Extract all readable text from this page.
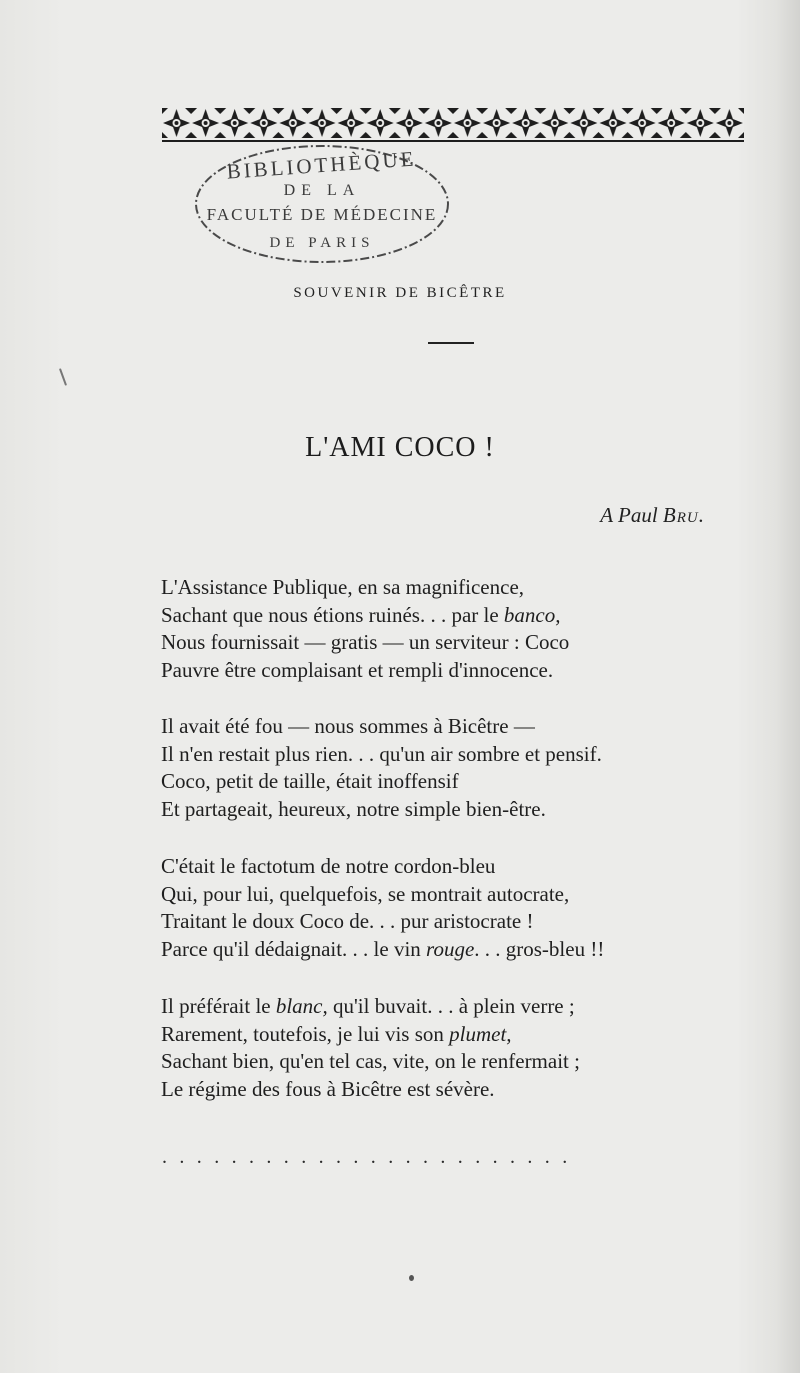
BIBLIOTHÈQUE
DE LA
FACULTÉ DE MÉDECINE
DE PARIS
SOUVENIR DE BICÊTRE
L'AMI COCO !
A Paul Bru.
L'Assistance Publique, en sa magnificence,
Sachant que nous étions ruinés. . . par le banco,
Nous fournissait — gratis — un serviteur : Coco
Pauvre être complaisant et rempli d'innocence.
Il avait été fou — nous sommes à Bicêtre —
Il n'en restait plus rien. . . qu'un air sombre et pensif.
Coco, petit de taille, était inoffensif
Et partageait, heureux, notre simple bien-être.
C'était le factotum de notre cordon-bleu
Qui, pour lui, quelquefois, se montrait autocrate,
Traitant le doux Coco de. . . pur aristocrate !
Parce qu'il dédaignait. . . le vin rouge. . . gros-bleu !!
Il préférait le blanc, qu'il buvait. . . à plein verre ;
Rarement, toutefois, je lui vis son plumet,
Sachant bien, qu'en tel cas, vite, on le renfermait ;
Le régime des fous à Bicêtre est sévère.
........................
